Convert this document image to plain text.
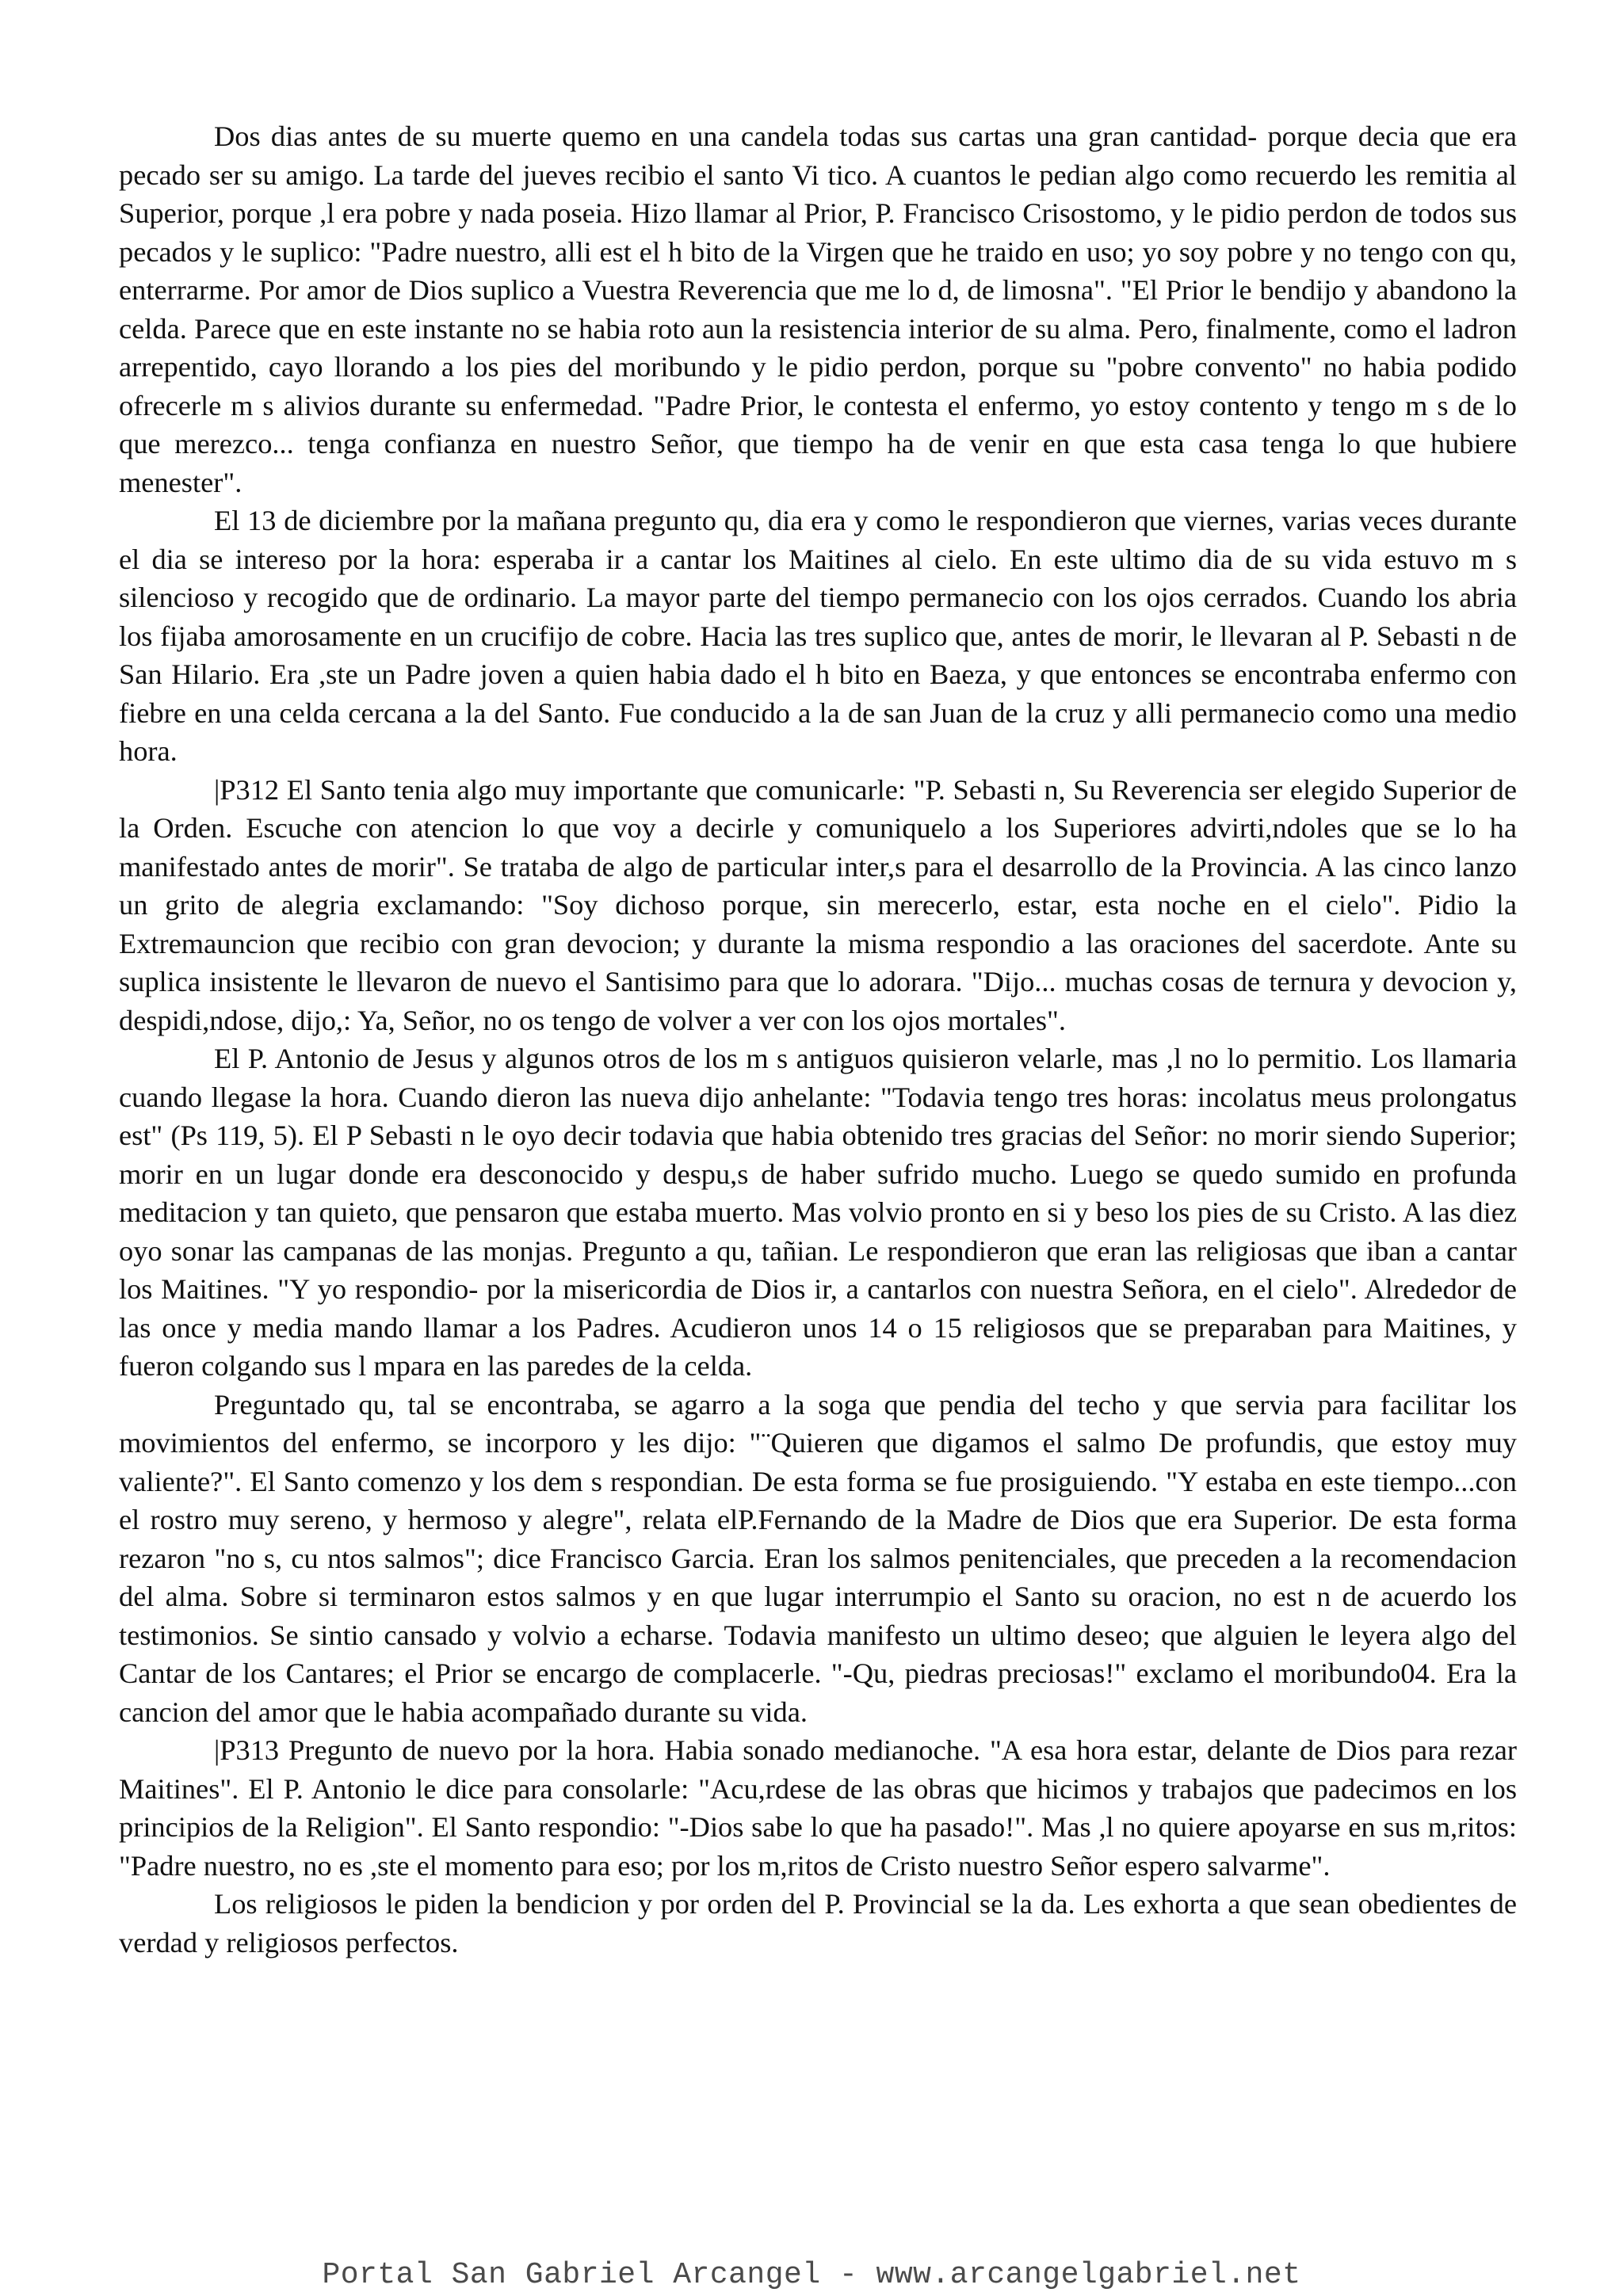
Dos dias antes de su muerte quemo en una candela todas sus cartas una gran cantidad- porque decia que era pecado ser su amigo. La tarde del jueves recibio el santo Vi tico. A cuantos le pedian algo como recuerdo les remitia al Superior, porque ,l era pobre y nada poseia. Hizo llamar al Prior, P. Francisco Crisostomo, y le pidio perdon de todos sus pecados y le suplico: "Padre nuestro, alli est el h bito de la Virgen que he traido en uso; yo soy pobre y no tengo con qu, enterrarme. Por amor de Dios suplico a Vuestra Reverencia que me lo d, de limosna". "El Prior le bendijo y abandono la celda. Parece que en este instante no se habia roto aun la resistencia interior de su alma. Pero, finalmente, como el ladron arrepentido, cayo llorando a los pies del moribundo y le pidio perdon, porque su "pobre convento" no habia podido ofrecerle m s alivios durante su enfermedad. "Padre Prior, le contesta el enfermo, yo estoy contento y tengo m s de lo que merezco... tenga confianza en nuestro Señor, que tiempo ha de venir en que esta casa tenga lo que hubiere menester".

El 13 de diciembre por la mañana pregunto qu, dia era y como le respondieron que viernes, varias veces durante el dia se intereso por la hora: esperaba ir a cantar los Maitines al cielo. En este ultimo dia de su vida estuvo m s silencioso y recogido que de ordinario. La mayor parte del tiempo permanecio con los ojos cerrados. Cuando los abria los fijaba amorosamente en un crucifijo de cobre. Hacia las tres suplico que, antes de morir, le llevaran al P. Sebasti n de San Hilario. Era ,ste un Padre joven a quien habia dado el h bito en Baeza, y que entonces se encontraba enfermo con fiebre en una celda cercana a la del Santo. Fue conducido a la de san Juan de la cruz y alli permanecio como una medio hora.

|P312 El Santo tenia algo muy importante que comunicarle: "P. Sebasti n, Su Reverencia ser elegido Superior de la Orden. Escuche con atencion lo que voy a decirle y comuniquelo a los Superiores advirti,ndoles que se lo ha manifestado antes de morir". Se trataba de algo de particular inter,s para el desarrollo de la Provincia. A las cinco lanzo un grito de alegria exclamando: "Soy dichoso porque, sin merecerlo, estar, esta noche en el cielo". Pidio la Extremauncion que recibio con gran devocion; y durante la misma respondio a las oraciones del sacerdote. Ante su suplica insistente le llevaron de nuevo el Santisimo para que lo adorara. "Dijo... muchas cosas de ternura y devocion y, despidi,ndose, dijo,: Ya, Señor, no os tengo de volver a ver con los ojos mortales".

El P. Antonio de Jesus y algunos otros de los m s antiguos quisieron velarle, mas ,l no lo permitio. Los llamaria cuando llegase la hora. Cuando dieron las nueva dijo anhelante: "Todavia tengo tres horas: incolatus meus prolongatus est" (Ps 119, 5). El P Sebasti n le oyo decir todavia que habia obtenido tres gracias del Señor: no morir siendo Superior; morir en un lugar donde era desconocido y despu,s de haber sufrido mucho. Luego se quedo sumido en profunda meditacion y tan quieto, que pensaron que estaba muerto. Mas volvio pronto en si y beso los pies de su Cristo. A las diez oyo sonar las campanas de las monjas. Pregunto a qu, tañian. Le respondieron que eran las religiosas que iban a cantar los Maitines. "Y yo respondio- por la misericordia de Dios ir, a cantarlos con nuestra Señora, en el cielo". Alrededor de las once y media mando llamar a los Padres. Acudieron unos 14 o 15 religiosos que se preparaban para Maitines, y fueron colgando sus l mpara en las paredes de la celda.

Preguntado qu, tal se encontraba, se agarro a la soga que pendia del techo y que servia para facilitar los movimientos del enfermo, se incorporo y les dijo: "¨Quieren que digamos el salmo De profundis, que estoy muy valiente?". El Santo comenzo y los dem s respondian. De esta forma se fue prosiguiendo. "Y estaba en este tiempo...con el rostro muy sereno, y hermoso y alegre", relata elP.Fernando de la Madre de Dios que era Superior. De esta forma rezaron "no s, cu ntos salmos"; dice Francisco Garcia. Eran los salmos penitenciales, que preceden a la recomendacion del alma. Sobre si terminaron estos salmos y en que lugar interrumpio el Santo su oracion, no est n de acuerdo los testimonios. Se sintio cansado y volvio a echarse. Todavia manifesto un ultimo deseo; que alguien le leyera algo del Cantar de los Cantares; el Prior se encargo de complacerle. "-Qu, piedras preciosas!" exclamo el moribundo04. Era la cancion del amor que le habia acompañado durante su vida.

|P313 Pregunto de nuevo por la hora. Habia sonado medianoche. "A esa hora estar, delante de Dios para rezar Maitines". El P. Antonio le dice para consolarle: "Acu,rdese de las obras que hicimos y trabajos que padecimos en los principios de la Religion". El Santo respondio: "-Dios sabe lo que ha pasado!". Mas ,l no quiere apoyarse en sus m,ritos: "Padre nuestro, no es ,ste el momento para eso; por los m,ritos de Cristo nuestro Señor espero salvarme".

Los religiosos le piden la bendicion y por orden del P. Provincial se la da. Les exhorta a que sean obedientes de verdad y religiosos perfectos.

Portal San Gabriel Arcangel - www.arcangelgabriel.net
